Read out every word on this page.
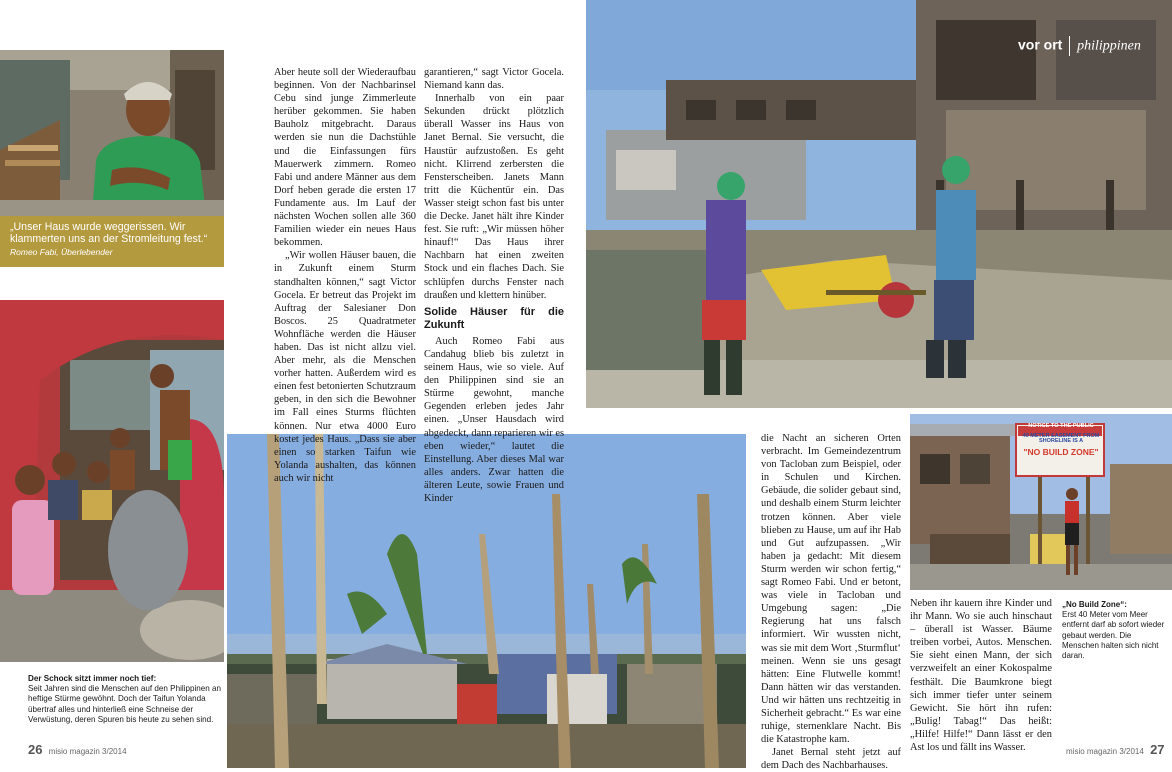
„Unser Haus wurde weggerissen. Wir klammerten uns an der Stromleitung fest.“ Romeo Fabi, Überlebender
Der Schock sitzt immer noch tief:
Seit Jahren sind die Menschen auf den Philippinen an heftige Stürme gewöhnt. Doch der Taifun Yolanda übertraf alles und hinterließ eine Schneise der Verwüstung, deren Spuren bis heute zu sehen sind.
vor ort philippinen
NOTICE TO THE PUBLIC
40 METER EASEMENT FROM SHORELINE IS A
"NO BUILD ZONE"
„No Build Zone“:
Erst 40 Meter vom Meer entfernt darf ab sofort wieder gebaut werden. Die Menschen halten sich nicht daran.

Aber heute soll der Wiederaufbau beginnen. Von der Nachbarinsel Cebu sind junge Zimmerleute herüber gekommen. Sie haben Bauholz mitgebracht. Daraus werden sie nun die Dachstühle und die Einfassungen fürs Mauerwerk zimmern. Romeo Fabi und andere Männer aus dem Dorf heben gerade die ersten 17 Fundamente aus. Im Lauf der nächsten Wochen sollen alle 360 Familien wieder ein neues Haus bekommen.

„Wir wollen Häuser bauen, die in Zukunft einem Sturm standhalten können,“ sagt Victor Gocela. Er betreut das Projekt im Auftrag der Salesianer Don Boscos. 25 Quadratmeter Wohnfläche werden die Häuser haben. Das ist nicht allzu viel. Aber mehr, als die Menschen vorher hatten. Außerdem wird es einen fest betonierten Schutzraum geben, in den sich die Bewohner im Fall eines Sturms flüchten können. Nur etwa 4000 Euro kostet jedes Haus. „Dass sie aber einen so starken Taifun wie Yolanda aushalten, das können auch wir nicht

garantieren,“ sagt Victor Gocela. Niemand kann das.

Innerhalb von ein paar Sekunden drückt plötzlich überall Wasser ins Haus von Janet Bernal. Sie versucht, die Haustür aufzustoßen. Es geht nicht. Klirrend zerbersten die Fensterscheiben. Janets Mann tritt die Küchentür ein. Das Wasser steigt schon fast bis unter die Decke. Janet hält ihre Kinder fest. Sie ruft: „Wir müssen höher hinauf!“ Das Haus ihrer Nachbarn hat einen zweiten Stock und ein flaches Dach. Sie schlüpfen durchs Fenster nach draußen und klettern hinüber.

Solide Häuser für die Zukunft

Auch Romeo Fabi aus Candahug blieb bis zuletzt in seinem Haus, wie so viele. Auf den Philippinen sind sie an Stürme gewohnt, manche Gegenden erleben jedes Jahr einen. „Unser Hausdach wird abgedeckt, dann reparieren wir es eben wieder,“ lautet die Einstellung. Aber dieses Mal war alles anders. Zwar hatten die älteren Leute, sowie Frauen und Kinder

die Nacht an sicheren Orten verbracht. Im Gemeindezentrum von Tacloban zum Beispiel, oder in Schulen und Kirchen. Gebäude, die solider gebaut sind, und deshalb einem Sturm leichter trotzen können. Aber viele blieben zu Hause, um auf ihr Hab und Gut aufzupassen. „Wir haben ja gedacht: Mit diesem Sturm werden wir schon fertig,“ sagt Romeo Fabi. Und er betont, was viele in Tacloban und Umgebung sagen: „Die Regierung hat uns falsch informiert. Wir wussten nicht, was sie mit dem Wort ‚Sturmflut‘ meinen. Wenn sie uns gesagt hätten: Eine Flutwelle kommt! Dann hätten wir das verstanden. Und wir hätten uns rechtzeitig in Sicherheit gebracht.“ Es war eine ruhige, sternenklare Nacht. Bis die Katastrophe kam.

Janet Bernal steht jetzt auf dem Dach des Nachbarhauses.

Neben ihr kauern ihre Kinder und ihr Mann. Wo sie auch hinschaut – überall ist Wasser. Bäume treiben vorbei, Autos. Menschen. Sie sieht einen Mann, der sich verzweifelt an einer Kokospalme festhält. Die Baumkrone biegt sich immer tiefer unter seinem Gewicht. Sie hört ihn rufen: „Bulig! Tabag!“ Das heißt: „Hilfe! Hilfe!“ Dann lässt er den Ast los und fällt ins Wasser.

26 misio magazin 3/2014	misio magazin 3/2014 27
